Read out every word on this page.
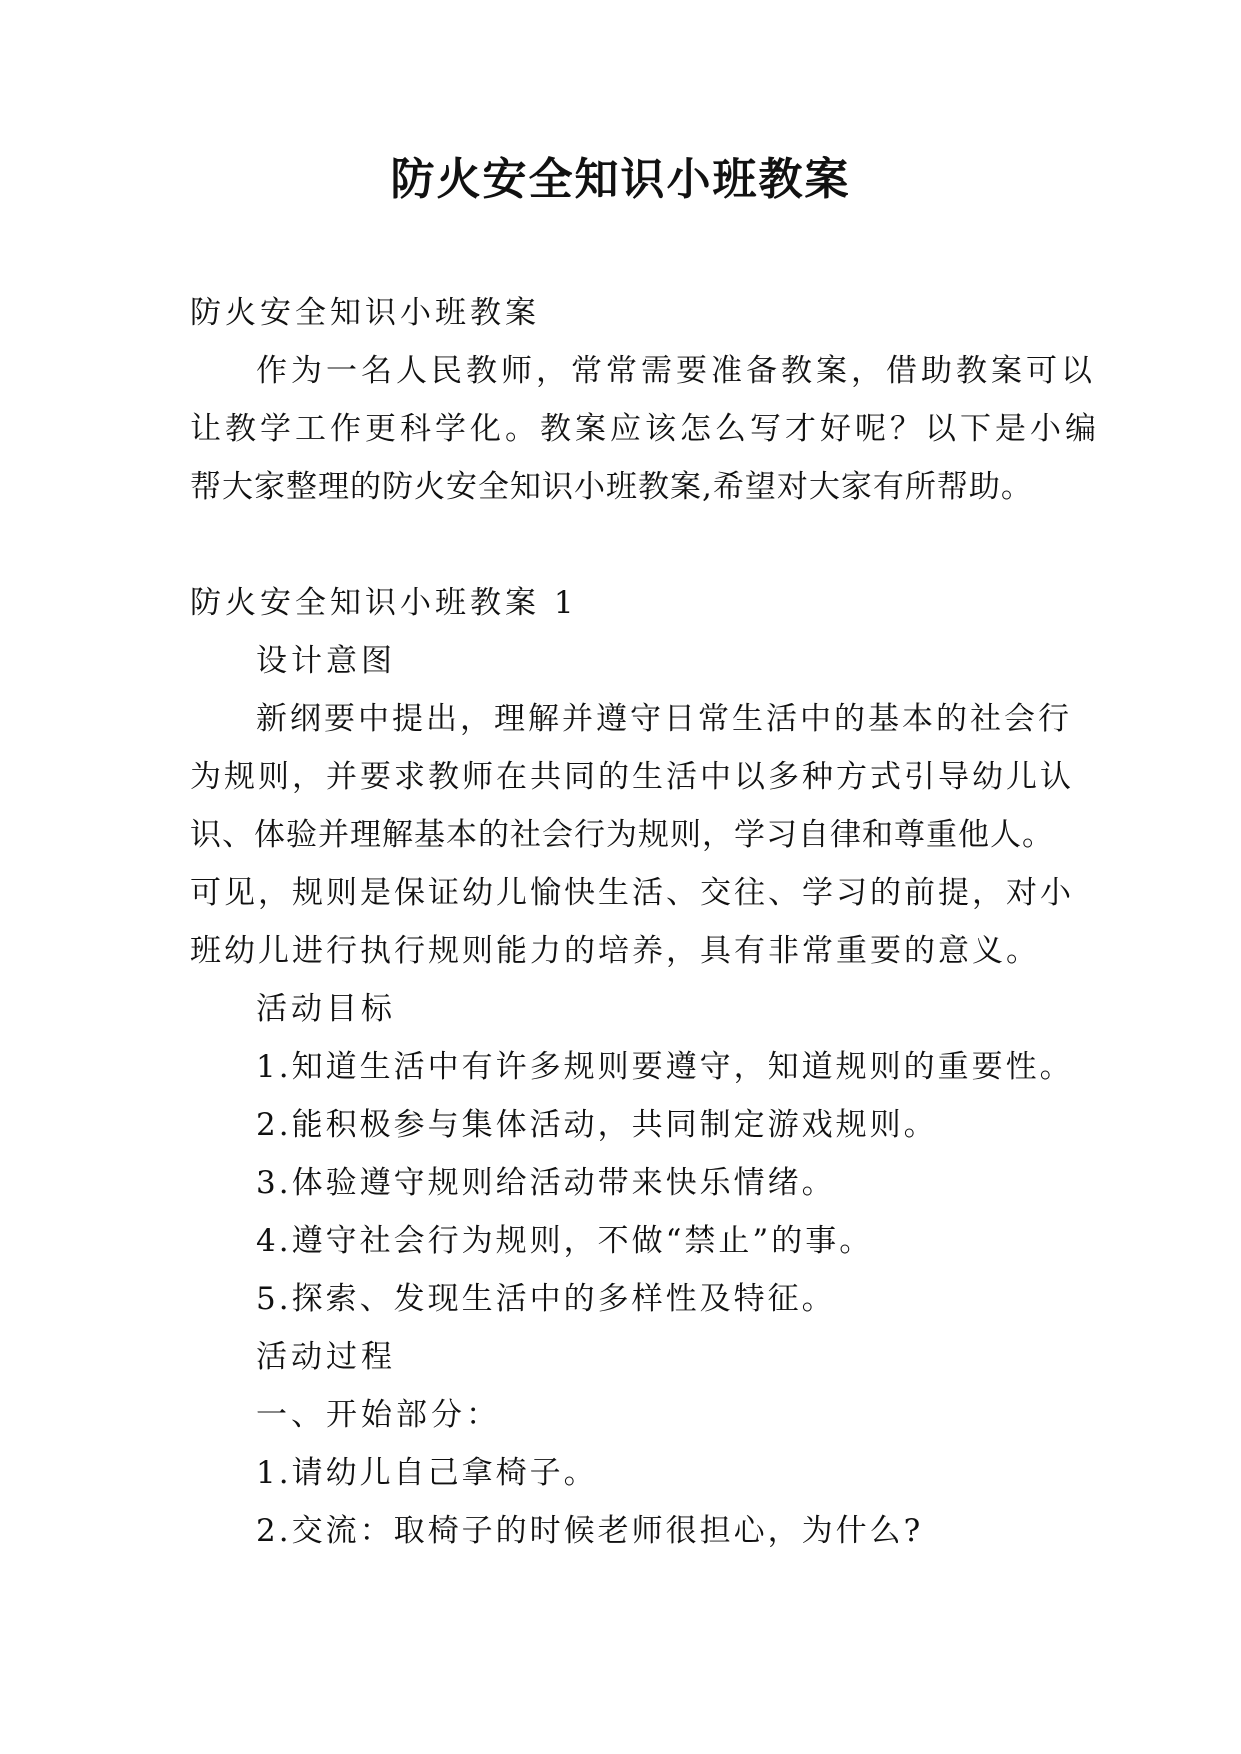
防火安全知识小班教案
防火安全知识小班教案
作为一名人民教师，常常需要准备教案，借助教案可以
让教学工作更科学化。教案应该怎么写才好呢？以下是小编
帮大家整理的防火安全知识小班教案,希望对大家有所帮助。
防火安全知识小班教案 1
设计意图
新纲要中提出，理解并遵守日常生活中的基本的社会行
为规则，并要求教师在共同的生活中以多种方式引导幼儿认
识、体验并理解基本的社会行为规则，学习自律和尊重他人。
可见，规则是保证幼儿愉快生活、交往、学习的前提，对小
班幼儿进行执行规则能力的培养，具有非常重要的意义。
活动目标
1.知道生活中有许多规则要遵守，知道规则的重要性。
2.能积极参与集体活动，共同制定游戏规则。
3.体验遵守规则给活动带来快乐情绪。
4.遵守社会行为规则，不做“禁止”的事。
5.探索、发现生活中的多样性及特征。
活动过程
一、开始部分：
1.请幼儿自己拿椅子。
2.交流：取椅子的时候老师很担心，为什么?
